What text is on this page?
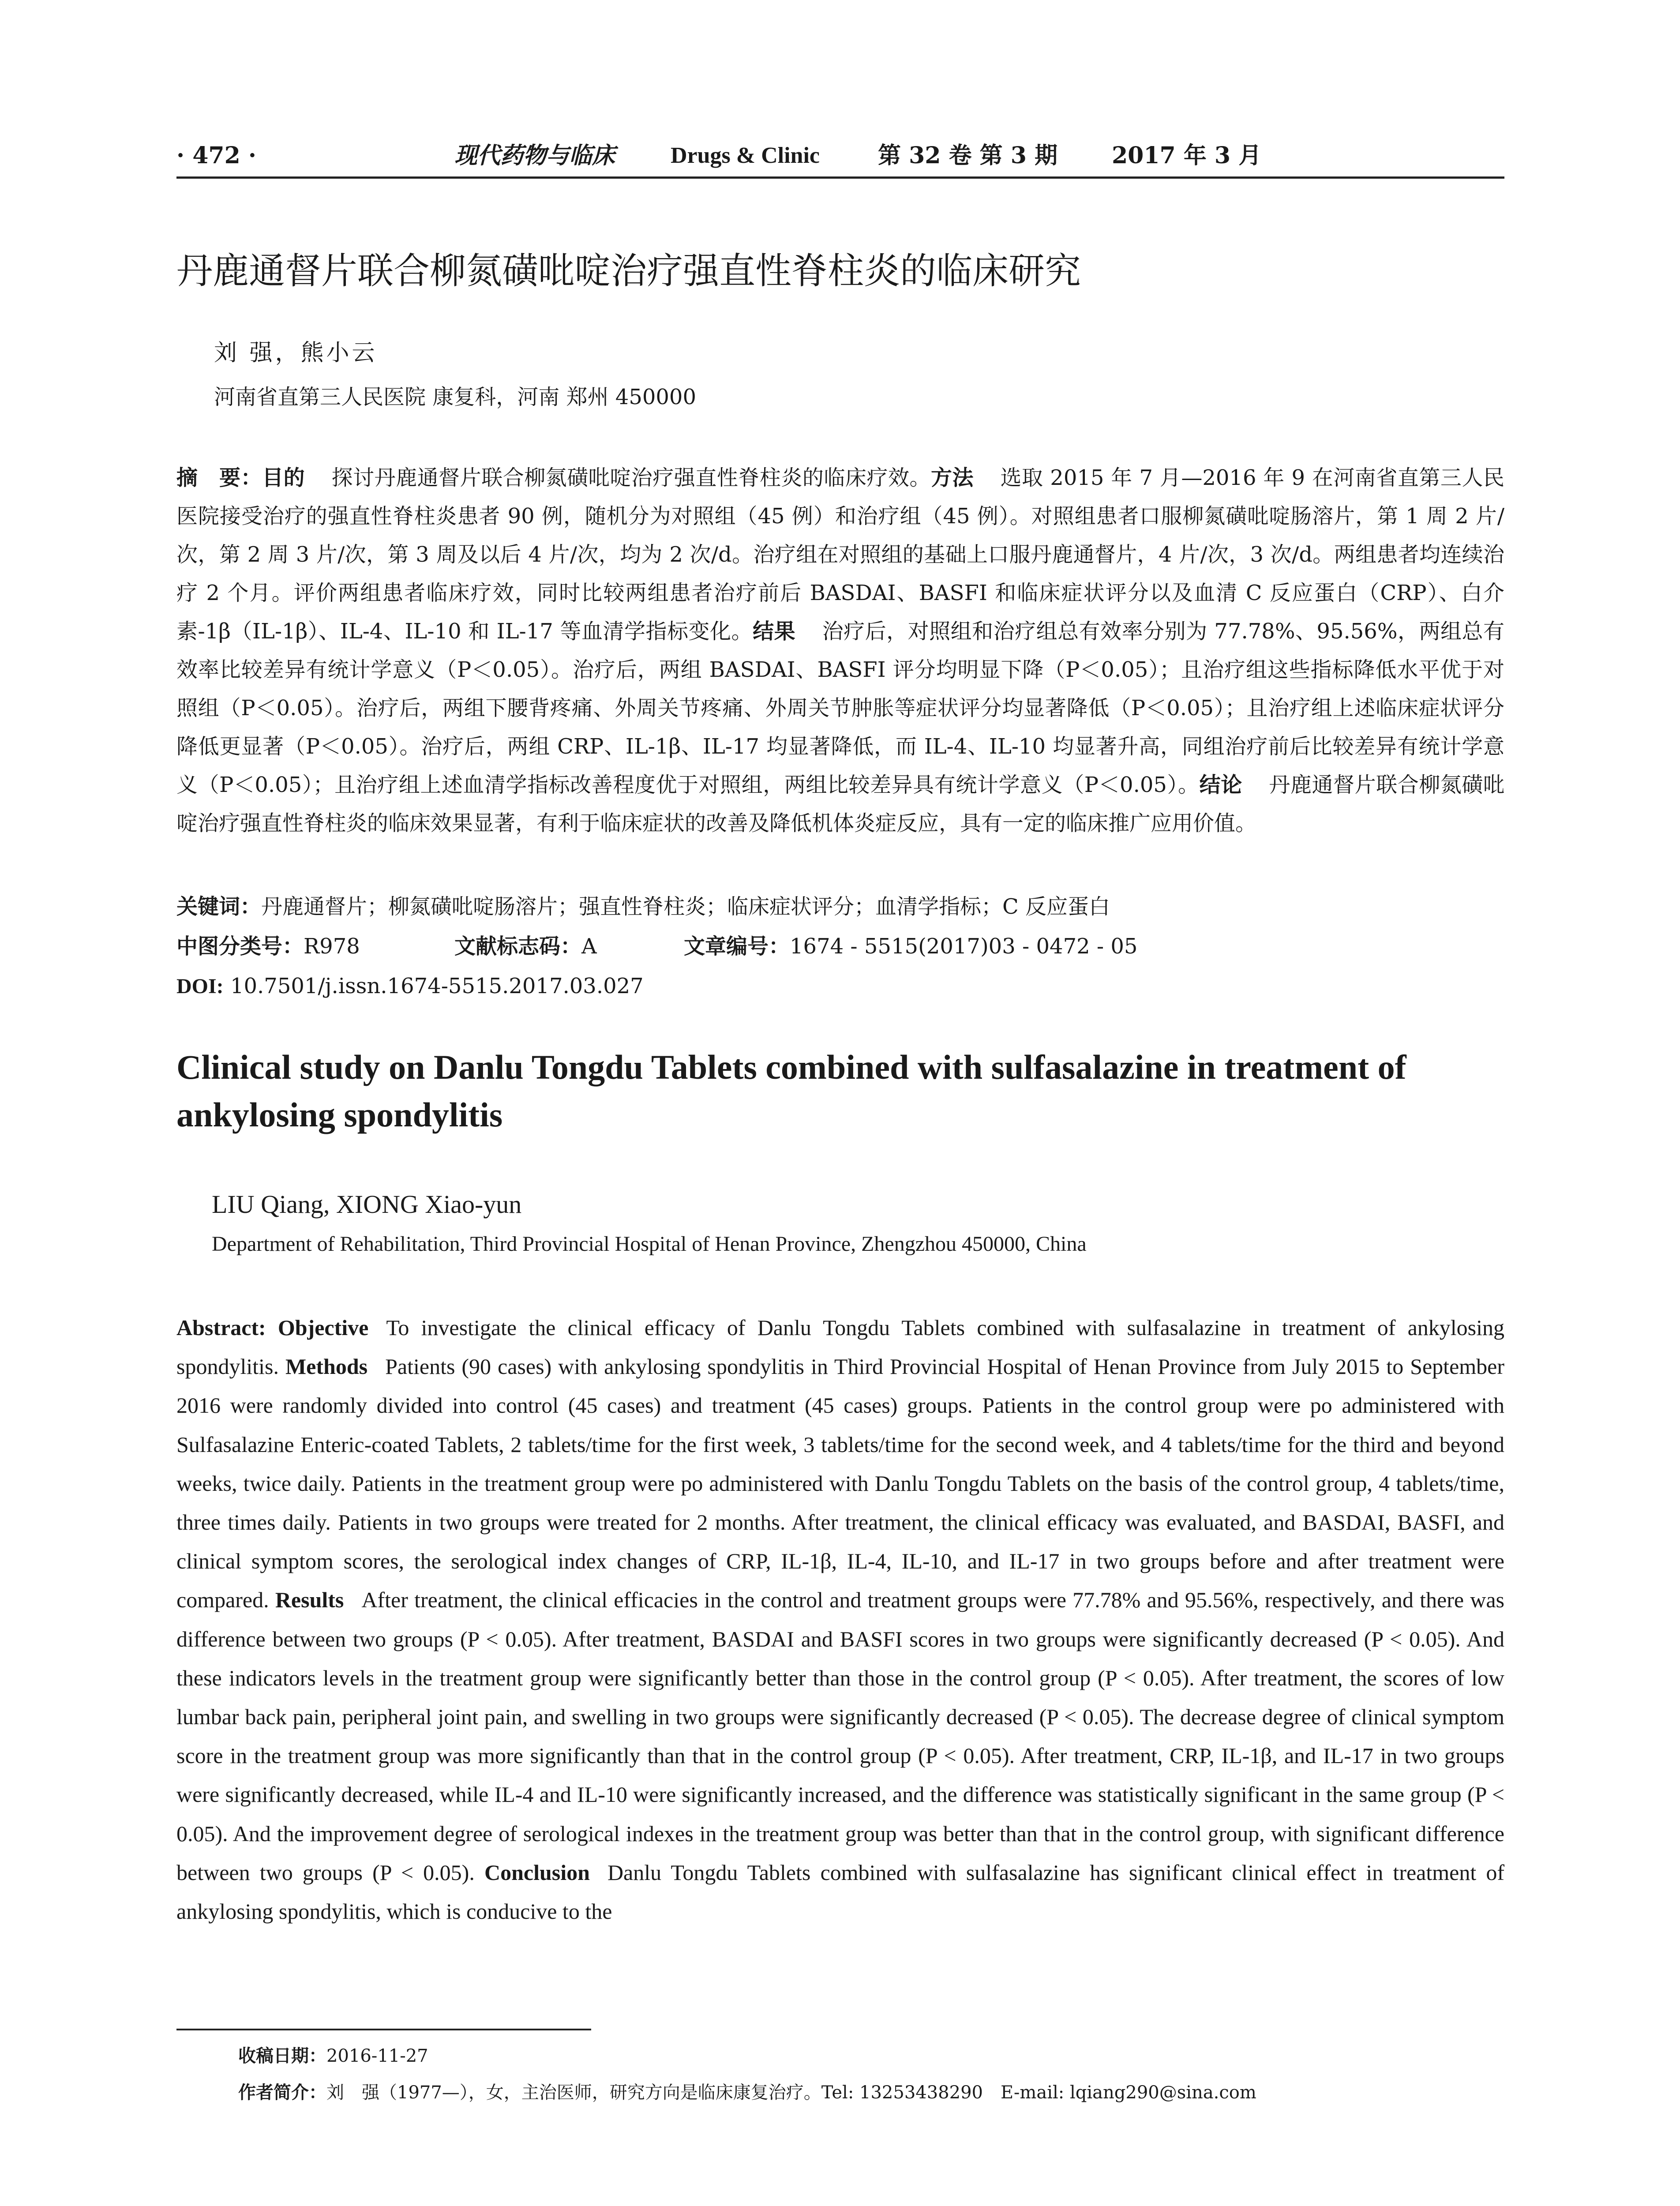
· 472 ·	现代药物与临床 Drugs & Clinic	第 32 卷 第 3 期 2017 年 3 月
丹鹿通督片联合柳氮磺吡啶治疗强直性脊柱炎的临床研究
刘 强，熊小云
河南省直第三人民医院 康复科，河南 郑州 450000
摘　要：目的 探讨丹鹿通督片联合柳氮磺吡啶治疗强直性脊柱炎的临床疗效。方法 选取 2015 年 7 月—2016 年 9 在河南省直第三人民医院接受治疗的强直性脊柱炎患者 90 例，随机分为对照组（45 例）和治疗组（45 例）。对照组患者口服柳氮磺吡啶肠溶片，第 1 周 2 片/次，第 2 周 3 片/次，第 3 周及以后 4 片/次，均为 2 次/d。治疗组在对照组的基础上口服丹鹿通督片，4 片/次，3 次/d。两组患者均连续治疗 2 个月。评价两组患者临床疗效，同时比较两组患者治疗前后 BASDAI、BASFI 和临床症状评分以及血清 C 反应蛋白（CRP）、白介素-1β（IL-1β）、IL-4、IL-10 和 IL-17 等血清学指标变化。结果 治疗后，对照组和治疗组总有效率分别为 77.78%、95.56%，两组总有效率比较差异有统计学意义（P＜0.05）。治疗后，两组 BASDAI、BASFI 评分均明显下降（P＜0.05）；且治疗组这些指标降低水平优于对照组（P＜0.05）。治疗后，两组下腰背疼痛、外周关节疼痛、外周关节肿胀等症状评分均显著降低（P＜0.05）；且治疗组上述临床症状评分降低更显著（P＜0.05）。治疗后，两组 CRP、IL-1β、IL-17 均显著降低，而 IL-4、IL-10 均显著升高，同组治疗前后比较差异有统计学意义（P＜0.05）；且治疗组上述血清学指标改善程度优于对照组，两组比较差异具有统计学意义（P＜0.05）。结论 丹鹿通督片联合柳氮磺吡啶治疗强直性脊柱炎的临床效果显著，有利于临床症状的改善及降低机体炎症反应，具有一定的临床推广应用价值。
关键词：丹鹿通督片；柳氮磺吡啶肠溶片；强直性脊柱炎；临床症状评分；血清学指标；C 反应蛋白
中图分类号：R978	文献标志码：A	文章编号：1674 - 5515(2017)03 - 0472 - 05
DOI: 10.7501/j.issn.1674-5515.2017.03.027
Clinical study on Danlu Tongdu Tablets combined with sulfasalazine in treatment of ankylosing spondylitis
LIU Qiang, XIONG Xiao-yun
Department of Rehabilitation, Third Provincial Hospital of Henan Province, Zhengzhou 450000, China
Abstract: Objective To investigate the clinical efficacy of Danlu Tongdu Tablets combined with sulfasalazine in treatment of ankylosing spondylitis. Methods Patients (90 cases) with ankylosing spondylitis in Third Provincial Hospital of Henan Province from July 2015 to September 2016 were randomly divided into control (45 cases) and treatment (45 cases) groups. Patients in the control group were po administered with Sulfasalazine Enteric-coated Tablets, 2 tablets/time for the first week, 3 tablets/time for the second week, and 4 tablets/time for the third and beyond weeks, twice daily. Patients in the treatment group were po administered with Danlu Tongdu Tablets on the basis of the control group, 4 tablets/time, three times daily. Patients in two groups were treated for 2 months. After treatment, the clinical efficacy was evaluated, and BASDAI, BASFI, and clinical symptom scores, the serological index changes of CRP, IL-1β, IL-4, IL-10, and IL-17 in two groups before and after treatment were compared. Results After treatment, the clinical efficacies in the control and treatment groups were 77.78% and 95.56%, respectively, and there was difference between two groups (P < 0.05). After treatment, BASDAI and BASFI scores in two groups were significantly decreased (P < 0.05). And these indicators levels in the treatment group were significantly better than those in the control group (P < 0.05). After treatment, the scores of low lumbar back pain, peripheral joint pain, and swelling in two groups were significantly decreased (P < 0.05). The decrease degree of clinical symptom score in the treatment group was more significantly than that in the control group (P < 0.05). After treatment, CRP, IL-1β, and IL-17 in two groups were significantly decreased, while IL-4 and IL-10 were significantly increased, and the difference was statistically significant in the same group (P < 0.05). And the improvement degree of serological indexes in the treatment group was better than that in the control group, with significant difference between two groups (P < 0.05). Conclusion Danlu Tongdu Tablets combined with sulfasalazine has significant clinical effect in treatment of ankylosing spondylitis, which is conducive to the
收稿日期：2016-11-27
作者简介：刘　强（1977—），女，主治医师，研究方向是临床康复治疗。Tel: 13253438290　E-mail: lqiang290@sina.com
